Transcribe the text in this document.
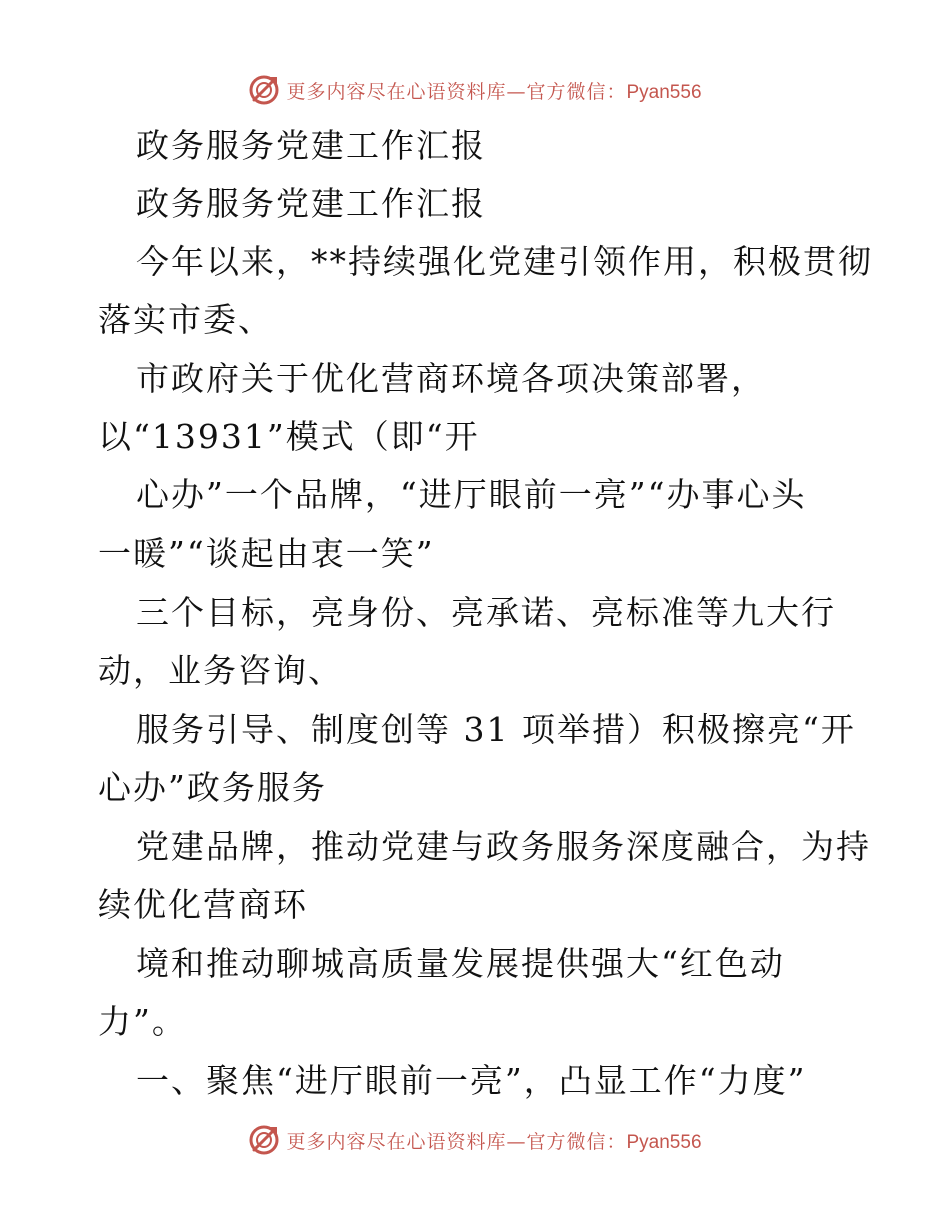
更多内容尽在心语资料库—官方微信：Pyan556
政务服务党建工作汇报
政务服务党建工作汇报
今年以来，**持续强化党建引领作用，积极贯彻
落实市委、
市政府关于优化营商环境各项决策部署，
以“13931”模式（即“开
心办”一个品牌，“进厅眼前一亮”“办事心头
一暖”“谈起由衷一笑”
三个目标，亮身份、亮承诺、亮标准等九大行
动，业务咨询、
服务引导、制度创等 31 项举措）积极擦亮“开
心办”政务服务
党建品牌，推动党建与政务服务深度融合，为持
续优化营商环
境和推动聊城高质量发展提供强大“红色动
力”。
一、聚焦“进厅眼前一亮”，凸显工作“力度”
更多内容尽在心语资料库—官方微信：Pyan556
